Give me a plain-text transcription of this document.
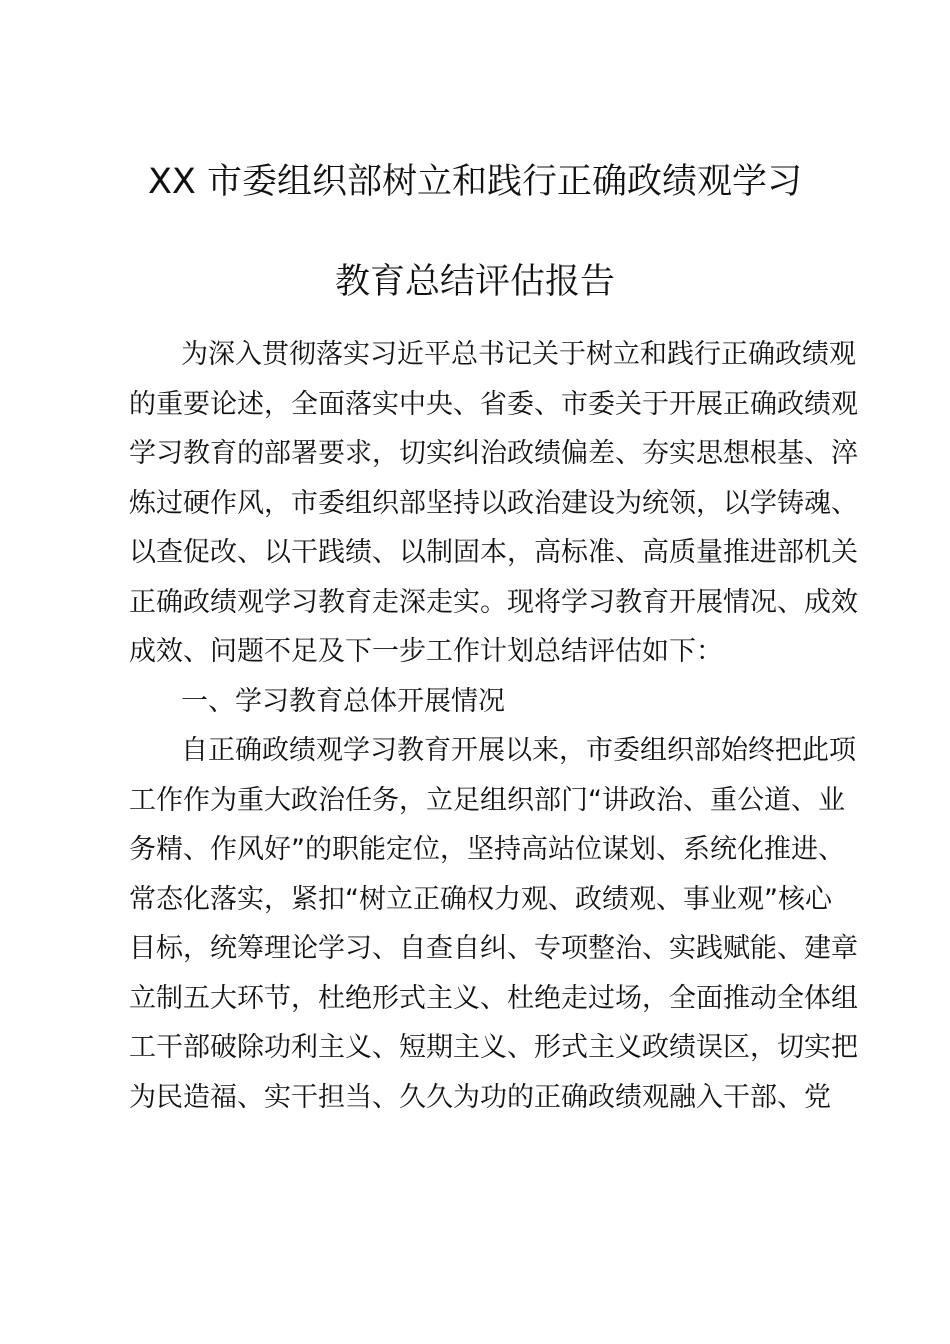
XX 市委组织部树立和践行正确政绩观学习
教育总结评估报告
为深入贯彻落实习近平总书记关于树立和践行正确政绩观
的重要论述，全面落实中央、省委、市委关于开展正确政绩观
学习教育的部署要求，切实纠治政绩偏差、夯实思想根基、淬
炼过硬作风，市委组织部坚持以政治建设为统领，以学铸魂、
以查促改、以干践绩、以制固本，高标准、高质量推进部机关
正确政绩观学习教育走深走实。现将学习教育开展情况、成效
成效、问题不足及下一步工作计划总结评估如下：
一、学习教育总体开展情况
自正确政绩观学习教育开展以来，市委组织部始终把此项
工作作为重大政治任务，立足组织部门“讲政治、重公道、业
务精、作风好”的职能定位，坚持高站位谋划、系统化推进、
常态化落实，紧扣“树立正确权力观、政绩观、事业观”核心
目标，统筹理论学习、自查自纠、专项整治、实践赋能、建章
立制五大环节，杜绝形式主义、杜绝走过场，全面推动全体组
工干部破除功利主义、短期主义、形式主义政绩误区，切实把
为民造福、实干担当、久久为功的正确政绩观融入干部、党
